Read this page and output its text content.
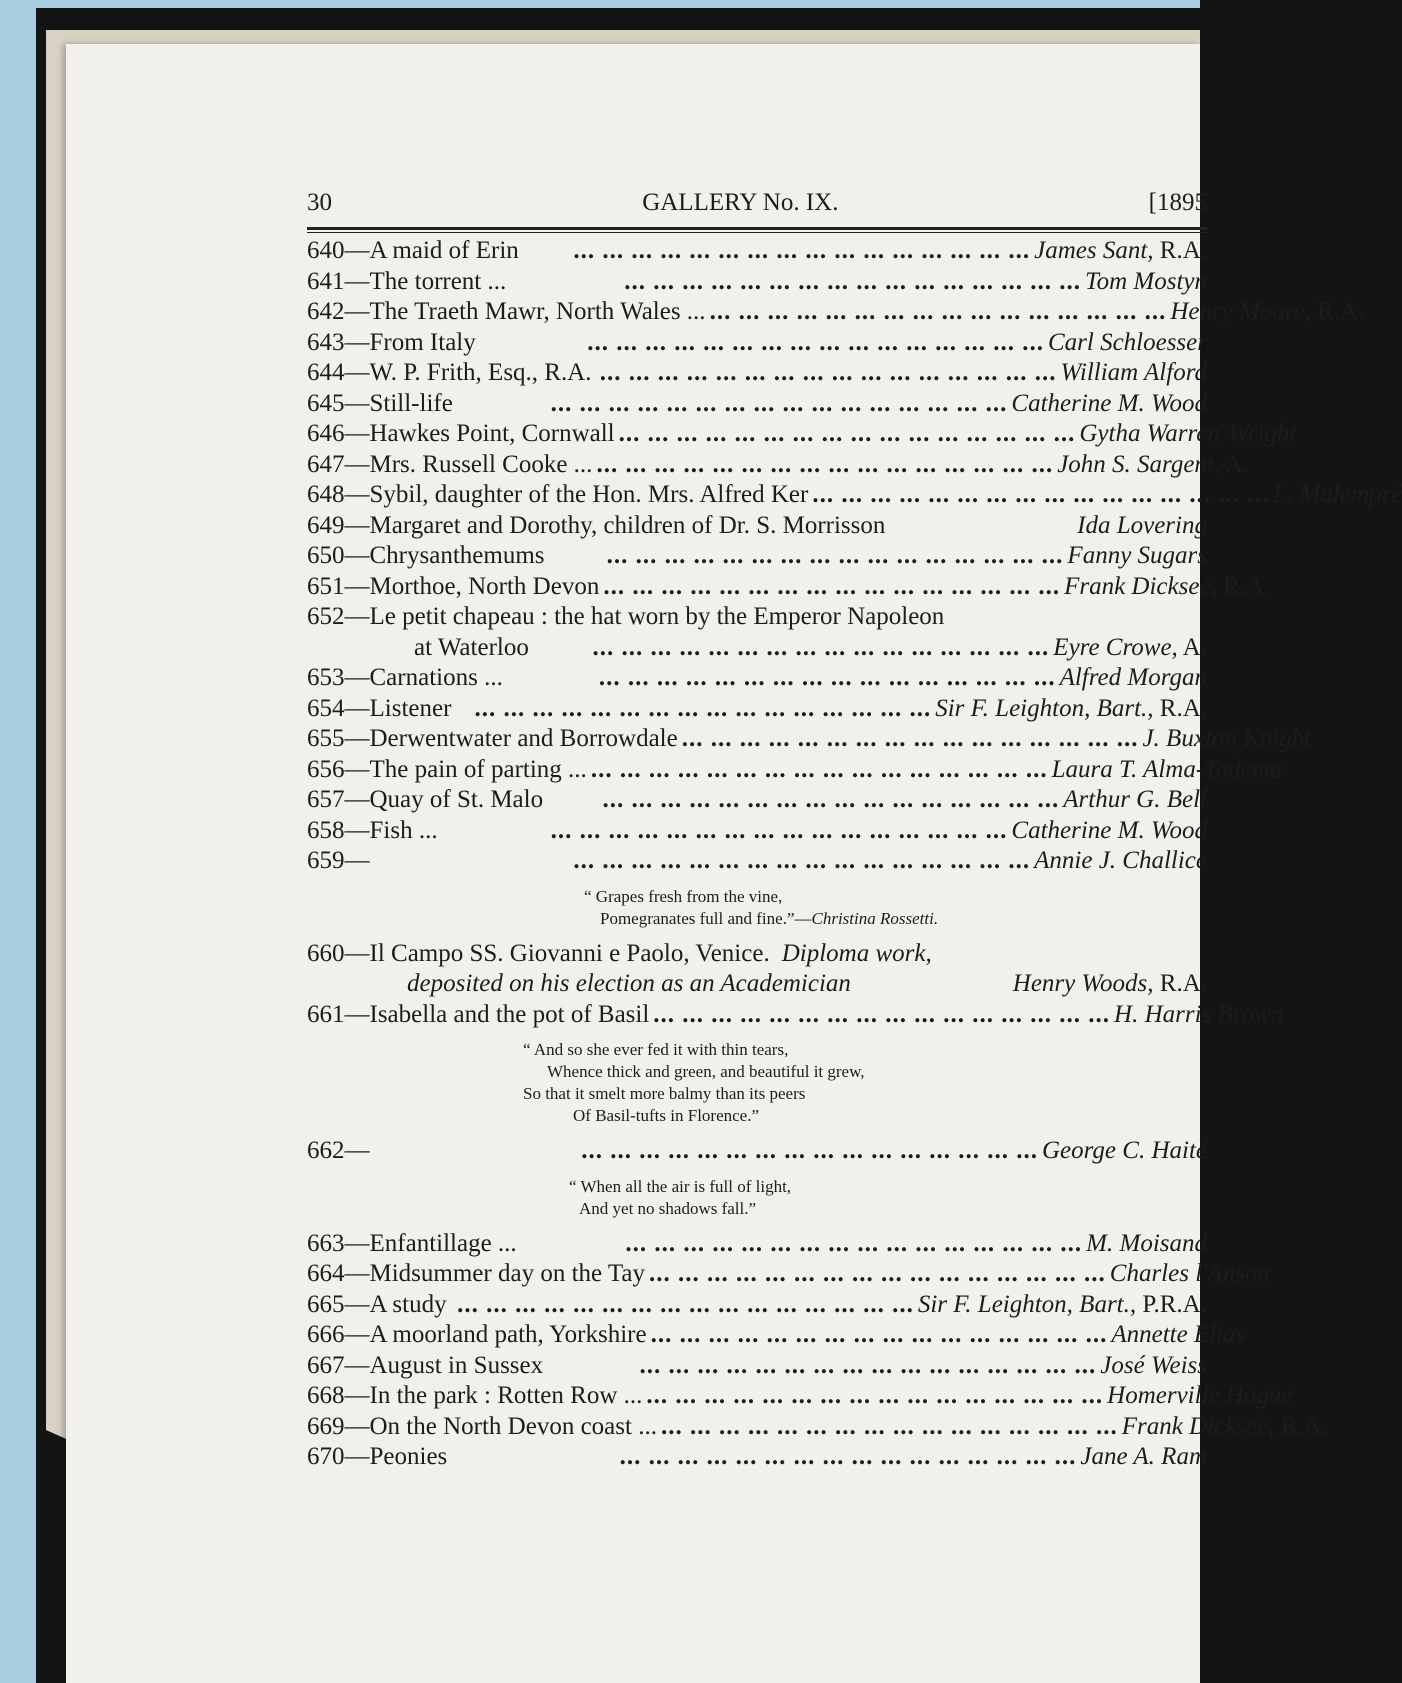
30	GALLERY No. IX.	[1895
640—A maid of Erin	... ... ... ... ... ... ... ... ... ... ... ... ... ... ... ... James Sant, R.A.
641—The torrent ...	... ... ... ... ... ... ... ... ... ... ... ... ... ... ... ... Tom Mostyn
642—The Traeth Mawr, North Wales ... ... ... ... ... ... ... ... ... ... ... ... ... ... ... ... ... Henry Moore, R.A.
643—From Italy	... ... ... ... ... ... ... ... ... ... ... ... ... ... ... ... Carl Schloesser
644—W. P. Frith, Esq., R.A. ... ... ... ... ... ... ... ... ... ... ... ... ... ... ... ... William Alford
645—Still-life	... ... ... ... ... ... ... ... ... ... ... ... ... ... ... ... Catherine M. Wood
646—Hawkes Point, Cornwall ... ... ... ... ... ... ... ... ... ... ... ... ... ... ... ... Gytha Warren-Wright
647—Mrs. Russell Cooke ... ... ... ... ... ... ... ... ... ... ... ... ... ... ... ... ... John S. Sargent, A.
648—Sybil, daughter of the Hon. Mrs. Alfred Ker ... ... ... ... ... ... ... ... ... ... ... ... ... ... ... ... L. Malempré
649—Margaret and Dorothy, children of Dr. S. Morrisson	Ida Lovering
650—Chrysanthemums	... ... ... ... ... ... ... ... ... ... ... ... ... ... ... ... Fanny Sugars
651—Morthoe, North Devon ... ... ... ... ... ... ... ... ... ... ... ... ... ... ... ... Frank Dicksee, R.A.
652—Le petit chapeau : the hat worn by the Emperor Napoleon
at Waterloo	... ... ... ... ... ... ... ... ... ... ... ... ... ... ... ... Eyre Crowe, A.
653—Carnations ...	... ... ... ... ... ... ... ... ... ... ... ... ... ... ... ... Alfred Morgan
654—Listener ... ... ... ... ... ... ... ... ... ... ... ... ... ... ... ... Sir F. Leighton, Bart., R.A.
655—Derwentwater and Borrowdale ... ... ... ... ... ... ... ... ... ... ... ... ... ... ... ... J. Buxton Knight
656—The pain of parting ... ... ... ... ... ... ... ... ... ... ... ... ... ... ... ... ... Laura T. Alma-Tadema
657—Quay of St. Malo	... ... ... ... ... ... ... ... ... ... ... ... ... ... ... ... Arthur G. Bell
658—Fish ...	... ... ... ... ... ... ... ... ... ... ... ... ... ... ... ... Catherine M. Wood
659—	... ... ... ... ... ... ... ... ... ... ... ... ... ... ... ... Annie J. Challice
“ Grapes fresh from the vine,
Pomegranates full and fine.”—Christina Rossetti.
660—Il Campo SS. Giovanni e Paolo, Venice. Diploma work,
deposited on his election as an Academician	Henry Woods, R.A.
661—Isabella and the pot of Basil ... ... ... ... ... ... ... ... ... ... ... ... ... ... ... ... H. Harris Brown
“ And so she ever fed it with thin tears,
Whence thick and green, and beautiful it grew,
So that it smelt more balmy than its peers
Of Basil-tufts in Florence.”
662—	... ... ... ... ... ... ... ... ... ... ... ... ... ... ... ... George C. Haité
“ When all the air is full of light,
And yet no shadows fall.”
663—Enfantillage ...	... ... ... ... ... ... ... ... ... ... ... ... ... ... ... ... M. Moisand
664—Midsummer day on the Tay ... ... ... ... ... ... ... ... ... ... ... ... ... ... ... ... Charles l'Anson
665—A study ... ... ... ... ... ... ... ... ... ... ... ... ... ... ... ... Sir F. Leighton, Bart., P.R.A.
666—A moorland path, Yorkshire ... ... ... ... ... ... ... ... ... ... ... ... ... ... ... ... Annette Elias
667—August in Sussex	... ... ... ... ... ... ... ... ... ... ... ... ... ... ... ... José Weiss
668—In the park : Rotten Row ... ... ... ... ... ... ... ... ... ... ... ... ... ... ... ... ... Homerville Hague
669—On the North Devon coast ... ... ... ... ... ... ... ... ... ... ... ... ... ... ... ... ... Frank Dicksee, R.A.
670—Peonies	... ... ... ... ... ... ... ... ... ... ... ... ... ... ... ... Jane A. Ram
